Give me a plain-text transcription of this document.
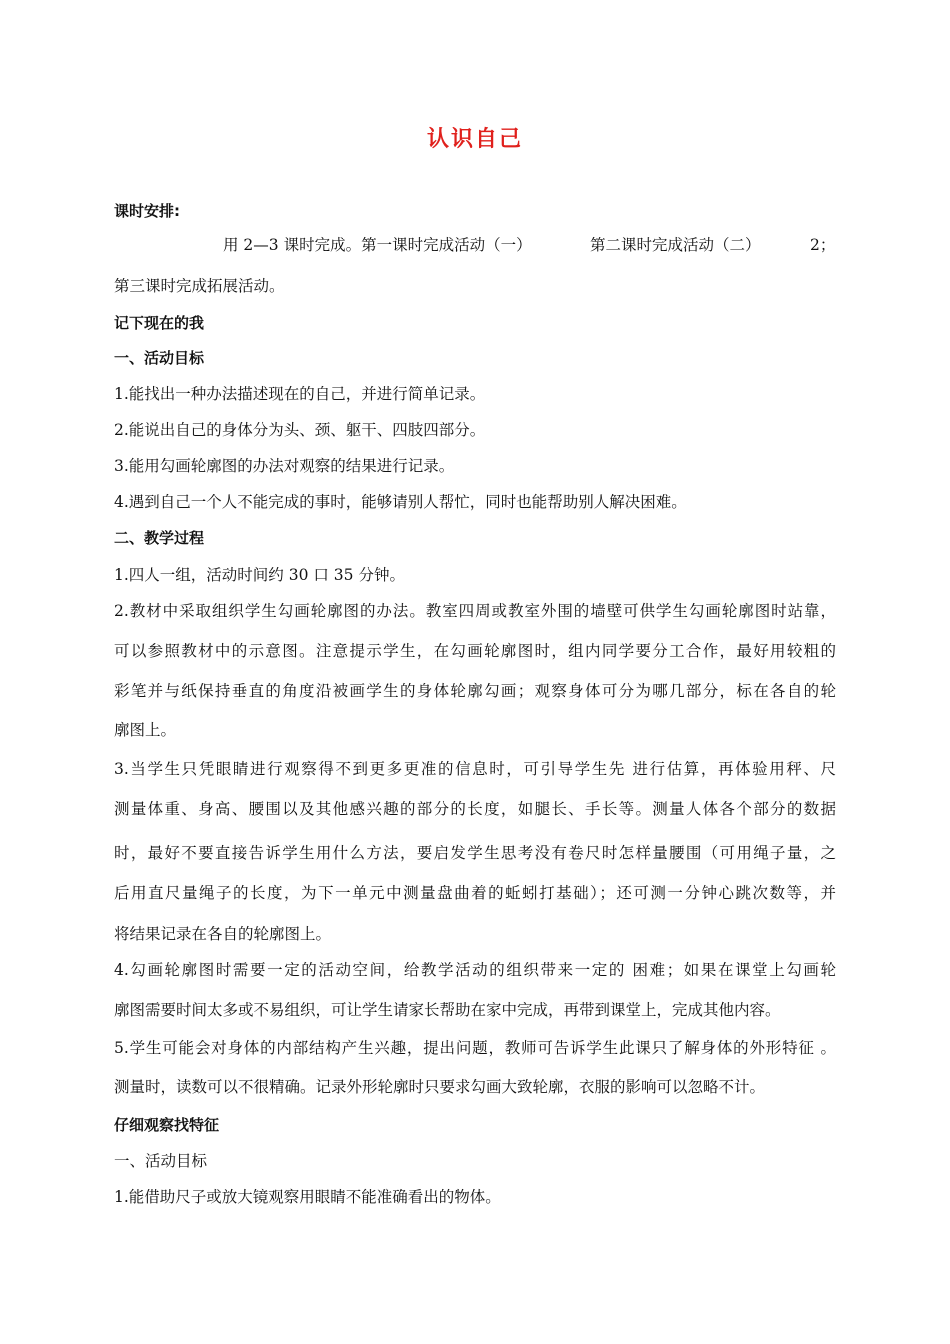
认识自己
课时安排:
用 2—3 课时完成。第一课时完成活动（一）	第二课时完成活动（二）	2；
第三课时完成拓展活动。
记下现在的我
一、活动目标
1.能找出一种办法描述现在的自己，并进行简单记录。
2.能说出自己的身体分为头、颈、躯干、四肢四部分。
3.能用勾画轮廓图的办法对观察的结果进行记录。
4.遇到自己一个人不能完成的事时，能够请别人帮忙，同时也能帮助别人解决困难。
二、教学过程
1.四人一组，活动时间约 30 口 35 分钟。
2.教材中采取组织学生勾画轮廓图的办法。教室四周或教室外围的墙壁可供学生勾画轮廓图时站靠，
可以参照教材中的示意图。注意提示学生，在勾画轮廓图时，组内同学要分工合作，最好用较粗的
彩笔并与纸保持垂直的角度沿被画学生的身体轮廓勾画；观察身体可分为哪几部分，标在各自的轮
廓图上。
3.当学生只凭眼睛进行观察得不到更多更准的信息时，可引导学生先 进行估算，再体验用秤、尺
测量体重、身高、腰围以及其他感兴趣的部分的长度，如腿长、手长等。测量人体各个部分的数据
时，最好不要直接告诉学生用什么方法，要启发学生思考没有卷尺时怎样量腰围（可用绳子量，之
后用直尺量绳子的长度，为下一单元中测量盘曲着的蚯蚓打基础）；还可测一分钟心跳次数等，并
将结果记录在各自的轮廓图上。
4.勾画轮廓图时需要一定的活动空间，给教学活动的组织带来一定的 困难；如果在课堂上勾画轮
廓图需要时间太多或不易组织，可让学生请家长帮助在家中完成，再带到课堂上，完成其他内容。
5.学生可能会对身体的内部结构产生兴趣，提出问题，教师可告诉学生此课只了解身体的外形特征 。
测量时，读数可以不很精确。记录外形轮廓时只要求勾画大致轮廓，衣服的影响可以忽略不计。
仔细观察找特征
一、活动目标
1.能借助尺子或放大镜观察用眼睛不能准确看出的物体。
